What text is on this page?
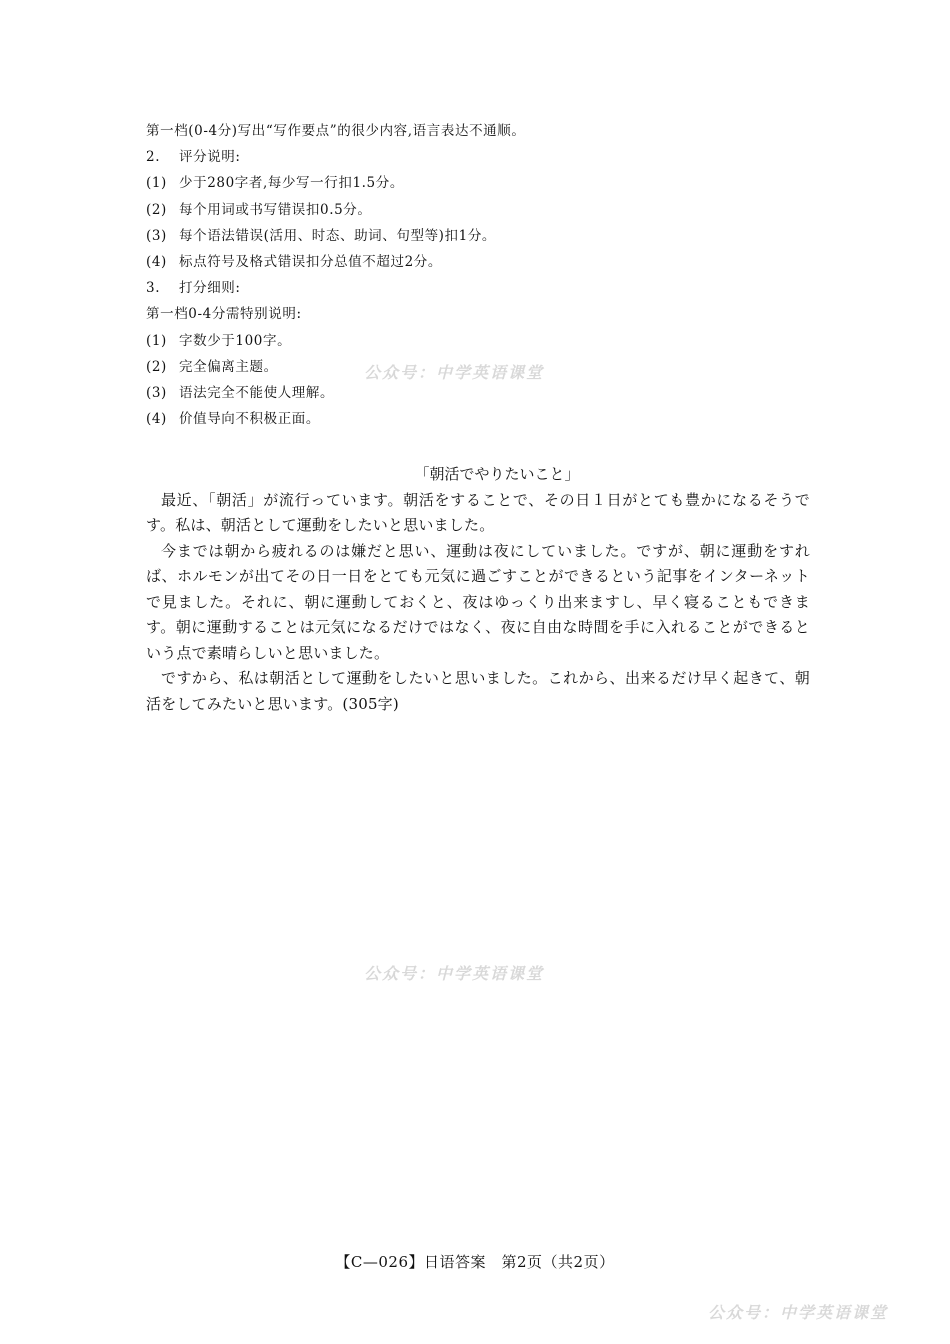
第一档(0-4分)写出“写作要点”的很少内容,语言表达不通顺。
2. 评分说明:
(1) 少于280字者,每少写一行扣1.5分。
(2) 每个用词或书写错误扣0.5分。
(3) 每个语法错误(活用、时态、助词、句型等)扣1分。
(4) 标点符号及格式错误扣分总值不超过2分。
3. 打分细则:
第一档0-4分需特别说明:
(1) 字数少于100字。
(2) 完全偏离主题。
(3) 语法完全不能使人理解。
(4) 价值导向不积极正面。
「朝活でやりたいこと」

最近、「朝活」が流行っています。朝活をすることで、その日１日がとても豊かになるそうです。私は、朝活として運動をしたいと思いました。

今までは朝から疲れるのは嫌だと思い、運動は夜にしていました。ですが、朝に運動をすれば、ホルモンが出てその日一日をとても元気に過ごすことができるという記事をインターネットで見ました。それに、朝に運動しておくと、夜はゆっくり出来ますし、早く寝ることもできます。朝に運動することは元気になるだけではなく、夜に自由な時間を手に入れることができるという点で素晴らしいと思いました。

ですから、私は朝活として運動をしたいと思いました。これから、出来るだけ早く起きて、朝活をしてみたいと思います。(305字)

公众号：中学英语课堂
公众号：中学英语课堂
公众号：中学英语课堂
【C—026】日语答案　第2页（共2页）
